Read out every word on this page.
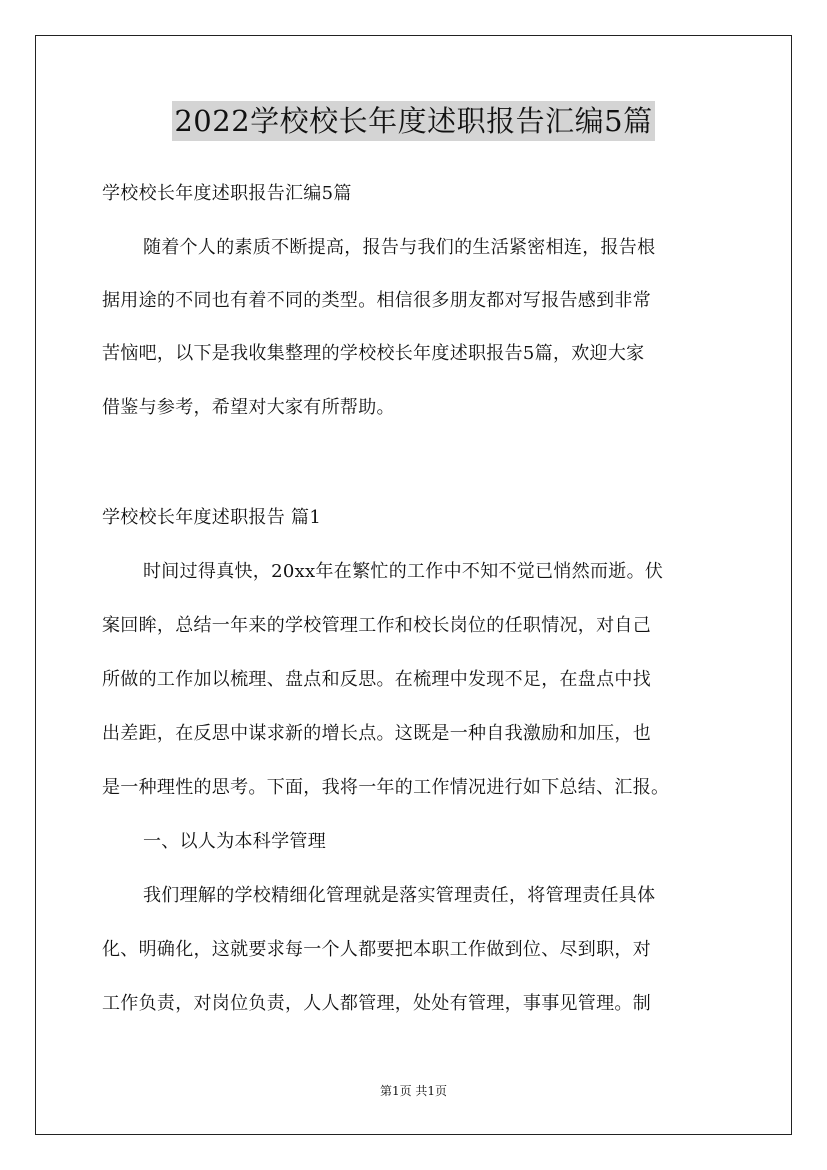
2022学校校长年度述职报告汇编5篇
学校校长年度述职报告汇编5篇
随着个人的素质不断提高，报告与我们的生活紧密相连，报告根
据用途的不同也有着不同的类型。相信很多朋友都对写报告感到非常
苦恼吧，以下是我收集整理的学校校长年度述职报告5篇，欢迎大家
借鉴与参考，希望对大家有所帮助。
学校校长年度述职报告 篇1
时间过得真快，20xx年在繁忙的工作中不知不觉已悄然而逝。伏
案回眸，总结一年来的学校管理工作和校长岗位的任职情况，对自己
所做的工作加以梳理、盘点和反思。在梳理中发现不足，在盘点中找
出差距，在反思中谋求新的增长点。这既是一种自我激励和加压，也
是一种理性的思考。下面，我将一年的工作情况进行如下总结、汇报。
一、以人为本科学管理
我们理解的学校精细化管理就是落实管理责任，将管理责任具体
化、明确化，这就要求每一个人都要把本职工作做到位、尽到职，对
工作负责，对岗位负责，人人都管理，处处有管理，事事见管理。制
第1页 共1页
